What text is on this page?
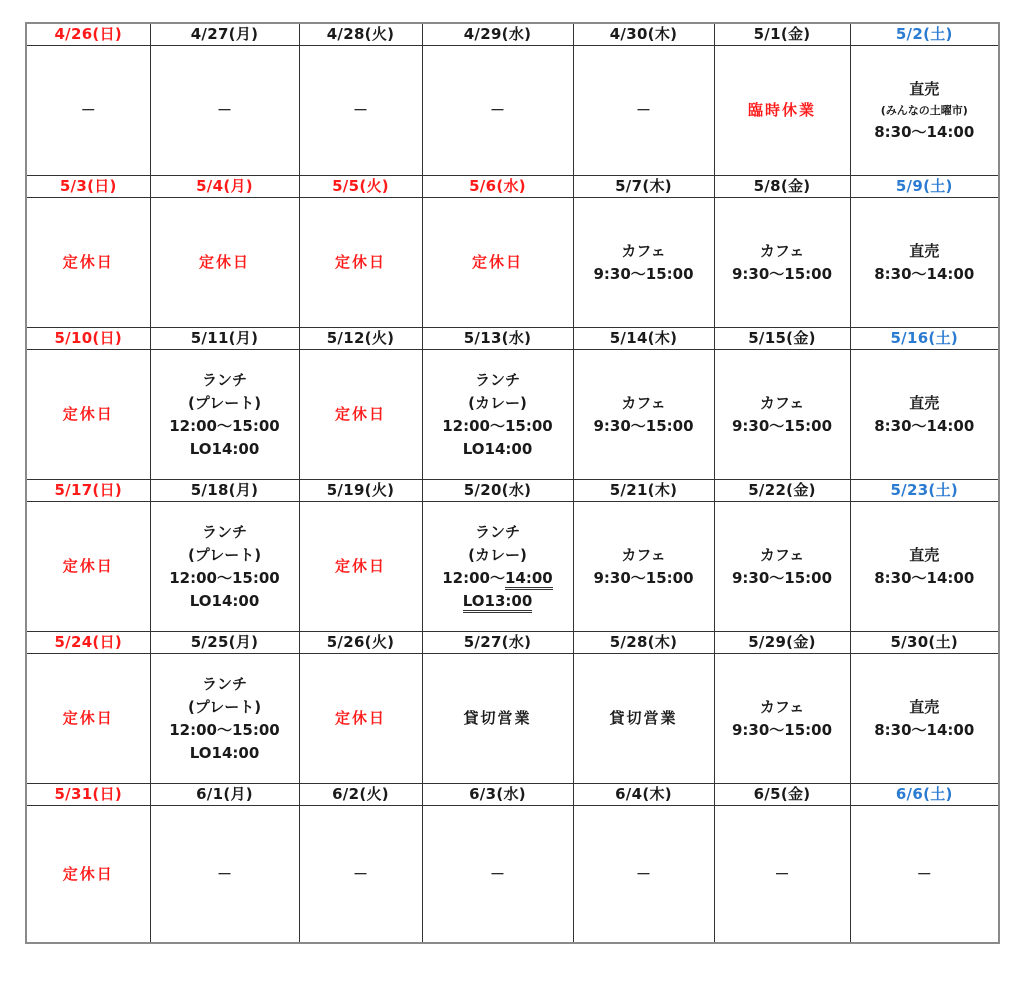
4/26(日)	4/27(月)	4/28(火)	4/29(水)	4/30(木)	5/1(金)	5/2(土)

－	－	－	－	－	臨時休業	直売
(みんなの土曜市)
8:30～14:00

5/3(日)	5/4(月)	5/5(火)	5/6(水)	5/7(木)	5/8(金)	5/9(土)

定休日	定休日	定休日	定休日	カフェ
9:30～15:00	カフェ
9:30～15:00	直売
8:30～14:00

5/10(日)	5/11(月)	5/12(火)	5/13(水)	5/14(木)	5/15(金)	5/16(土)

定休日	ランチ
(プレート)
12:00～15:00
LO14:00	定休日	ランチ
(カレー)
12:00～15:00
LO14:00	カフェ
9:30～15:00	カフェ
9:30～15:00	直売
8:30～14:00

5/17(日)	5/18(月)	5/19(火)	5/20(水)	5/21(木)	5/22(金)	5/23(土)

定休日	ランチ
(プレート)
12:00～15:00
LO14:00	定休日	ランチ
(カレー)
12:00～14:00
LO13:00	カフェ
9:30～15:00	カフェ
9:30～15:00	直売
8:30～14:00

5/24(日)	5/25(月)	5/26(火)	5/27(水)	5/28(木)	5/29(金)	5/30(土)

定休日	ランチ
(プレート)
12:00～15:00
LO14:00	定休日	貸切営業	貸切営業	カフェ
9:30～15:00	直売
8:30～14:00

5/31(日)	6/1(月)	6/2(火)	6/3(水)	6/4(木)	6/5(金)	6/6(土)

定休日	－	－	－	－	－	－
